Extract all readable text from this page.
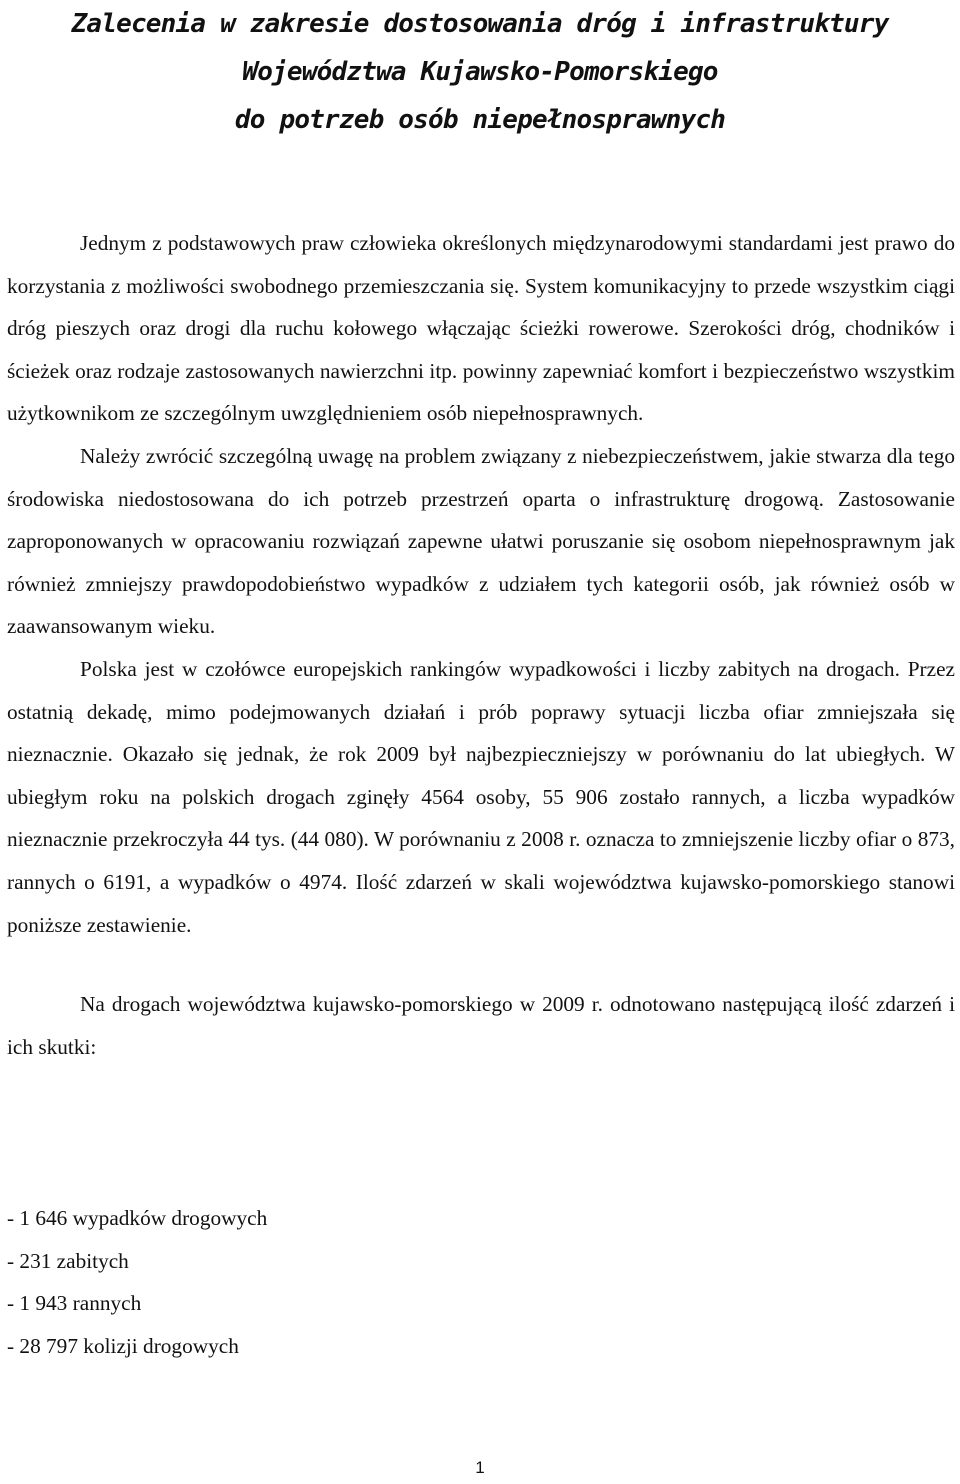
Zalecenia w zakresie dostosowania dróg i infrastruktury
Województwa Kujawsko-Pomorskiego
do potrzeb osób niepełnosprawnych

Jednym z podstawowych praw człowieka określonych międzynarodowymi standardami jest prawo do korzystania z możliwości swobodnego przemieszczania się. System komunikacyjny to przede wszystkim ciągi dróg pieszych oraz drogi dla ruchu kołowego włączając ścieżki rowerowe. Szerokości dróg, chodników i ścieżek oraz rodzaje zastosowanych nawierzchni itp. powinny zapewniać komfort i bezpieczeństwo wszystkim użytkownikom ze szczególnym uwzględnieniem osób niepełnosprawnych.

Należy zwrócić szczególną uwagę na problem związany z niebezpieczeństwem, jakie stwarza dla tego środowiska niedostosowana do ich potrzeb przestrzeń oparta o infrastrukturę drogową. Zastosowanie zaproponowanych w opracowaniu rozwiązań zapewne ułatwi poruszanie się osobom niepełnosprawnym jak również zmniejszy prawdopodobieństwo wypadków z udziałem tych kategorii osób, jak również osób w zaawansowanym wieku.

Polska jest w czołówce europejskich rankingów wypadkowości i liczby zabitych na drogach. Przez ostatnią dekadę, mimo podejmowanych działań i prób poprawy sytuacji liczba ofiar zmniejszała się nieznacznie. Okazało się jednak, że rok 2009 był najbezpieczniejszy w porównaniu do lat ubiegłych. W ubiegłym roku na polskich drogach zginęły 4564 osoby, 55 906 zostało rannych, a liczba wypadków nieznacznie przekroczyła 44 tys. (44 080). W porównaniu z 2008 r. oznacza to zmniejszenie liczby ofiar o 873, rannych o 6191, a wypadków o 4974. Ilość zdarzeń w skali województwa kujawsko-pomorskiego stanowi poniższe zestawienie.

Na drogach województwa kujawsko-pomorskiego w 2009 r. odnotowano następującą ilość zdarzeń i ich skutki:

- 1 646 wypadków drogowych
- 231 zabitych
- 1 943 rannych
- 28 797 kolizji drogowych
1
